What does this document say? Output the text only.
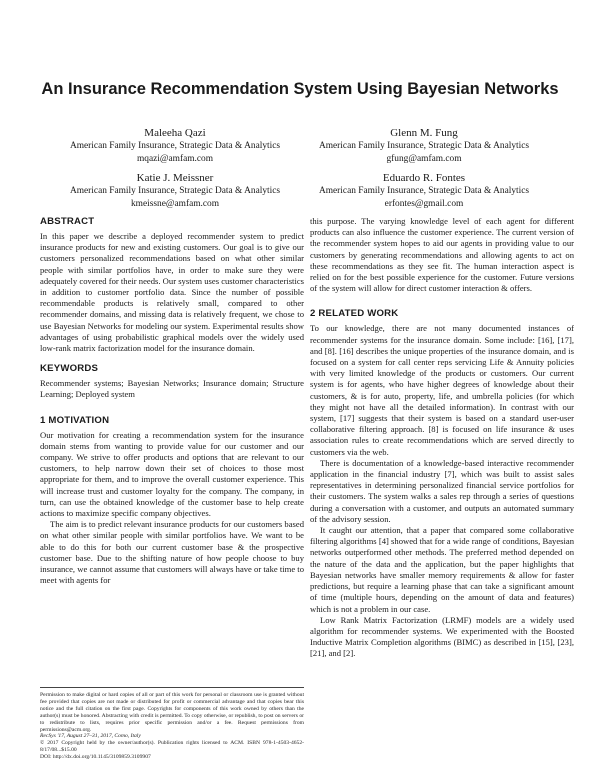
An Insurance Recommendation System Using Bayesian Networks
Maleeha Qazi
American Family Insurance, Strategic Data & Analytics
mqazi@amfam.com
Glenn M. Fung
American Family Insurance, Strategic Data & Analytics
gfung@amfam.com
Katie J. Meissner
American Family Insurance, Strategic Data & Analytics
kmeissne@amfam.com
Eduardo R. Fontes
American Family Insurance, Strategic Data & Analytics
erfontes@gmail.com
ABSTRACT

In this paper we describe a deployed recommender system to predict insurance products for new and existing customers. Our goal is to give our customers personalized recommendations based on what other similar people with similar portfolios have, in order to make sure they were adequately covered for their needs. Our system uses customer characteristics in addition to customer portfolio data. Since the number of possible recommendable products is relatively small, compared to other recommender domains, and missing data is relatively frequent, we chose to use Bayesian Networks for modeling our system. Experimental results show advantages of using probabilistic graphical models over the widely used low-rank matrix factorization model for the insurance domain.

KEYWORDS

Recommender systems; Bayesian Networks; Insurance domain; Structure Learning; Deployed system

1 MOTIVATION

Our motivation for creating a recommendation system for the insurance domain stems from wanting to provide value for our customer and our company. We strive to offer products and options that are relevant to our customers, to help narrow down their set of choices to those most appropriate for them, and to improve the overall customer experience. This will increase trust and customer loyalty for the company. The company, in turn, can use the obtained knowledge of the customer base to help create actions to maximize specific company objectives.

The aim is to predict relevant insurance products for our customers based on what other similar people with similar portfolios have. We want to be able to do this for both our current customer base & the prospective customer base. Due to the shifting nature of how people choose to buy insurance, we cannot assume that customers will always have or take time to meet with agents for

Permission to make digital or hard copies of all or part of this work for personal or classroom use is granted without fee provided that copies are not made or distributed for profit or commercial advantage and that copies bear this notice and the full citation on the first page. Copyrights for components of this work owned by others than the author(s) must be honored. Abstracting with credit is permitted. To copy otherwise, or republish, to post on servers or to redistribute to lists, requires prior specific permission and/or a fee. Request permissions from permissions@acm.org.

RecSys '17, August 27–31, 2017, Como, Italy

© 2017 Copyright held by the owner/author(s). Publication rights licensed to ACM. ISBN 978-1-4503-4652-8/17/08...$15.00

DOI: http://dx.doi.org/10.1145/3109859.3109907

this purpose. The varying knowledge level of each agent for different products can also influence the customer experience. The current version of the recommender system hopes to aid our agents in providing value to our customers by generating recommendations and allowing agents to act on these recommendations as they see fit. The human interaction aspect is relied on for the best possible experience for the customer. Future versions of the system will allow for direct customer interaction & offers.

2 RELATED WORK

To our knowledge, there are not many documented instances of recommender systems for the insurance domain. Some include: [16], [17], and [8]. [16] describes the unique properties of the insurance domain, and is focused on a system for call center reps servicing Life & Annuity policies with very limited knowledge of the products or customers. Our current system is for agents, who have higher degrees of knowledge about their customers, & is for auto, property, life, and umbrella policies (for which they might not have all the detailed information). In contrast with our system, [17] suggests that their system is based on a standard user-user collaborative filtering approach. [8] is focused on life insurance & uses association rules to create recommendations which are served directly to customers via the web.

There is documentation of a knowledge-based interactive recommender application in the financial industry [7], which was built to assist sales representatives in determining personalized financial service portfolios for their customers. The system walks a sales rep through a series of questions during a conversation with a customer, and outputs an automated summary of the advisory session.

It caught our attention, that a paper that compared some collaborative filtering algorithms [4] showed that for a wide range of conditions, Bayesian networks outperformed other methods. The preferred method depended on the nature of the data and the application, but the paper highlights that Bayesian networks have smaller memory requirements & allow for faster predictions, but require a learning phase that can take a significant amount of time (multiple hours, depending on the amount of data and features) which is not a problem in our case.

Low Rank Matrix Factorization (LRMF) models are a widely used algorithm for recommender systems. We experimented with the Boosted Inductive Matrix Completion algorithms (BIMC) as described in [15], [23], [21], and [2].
